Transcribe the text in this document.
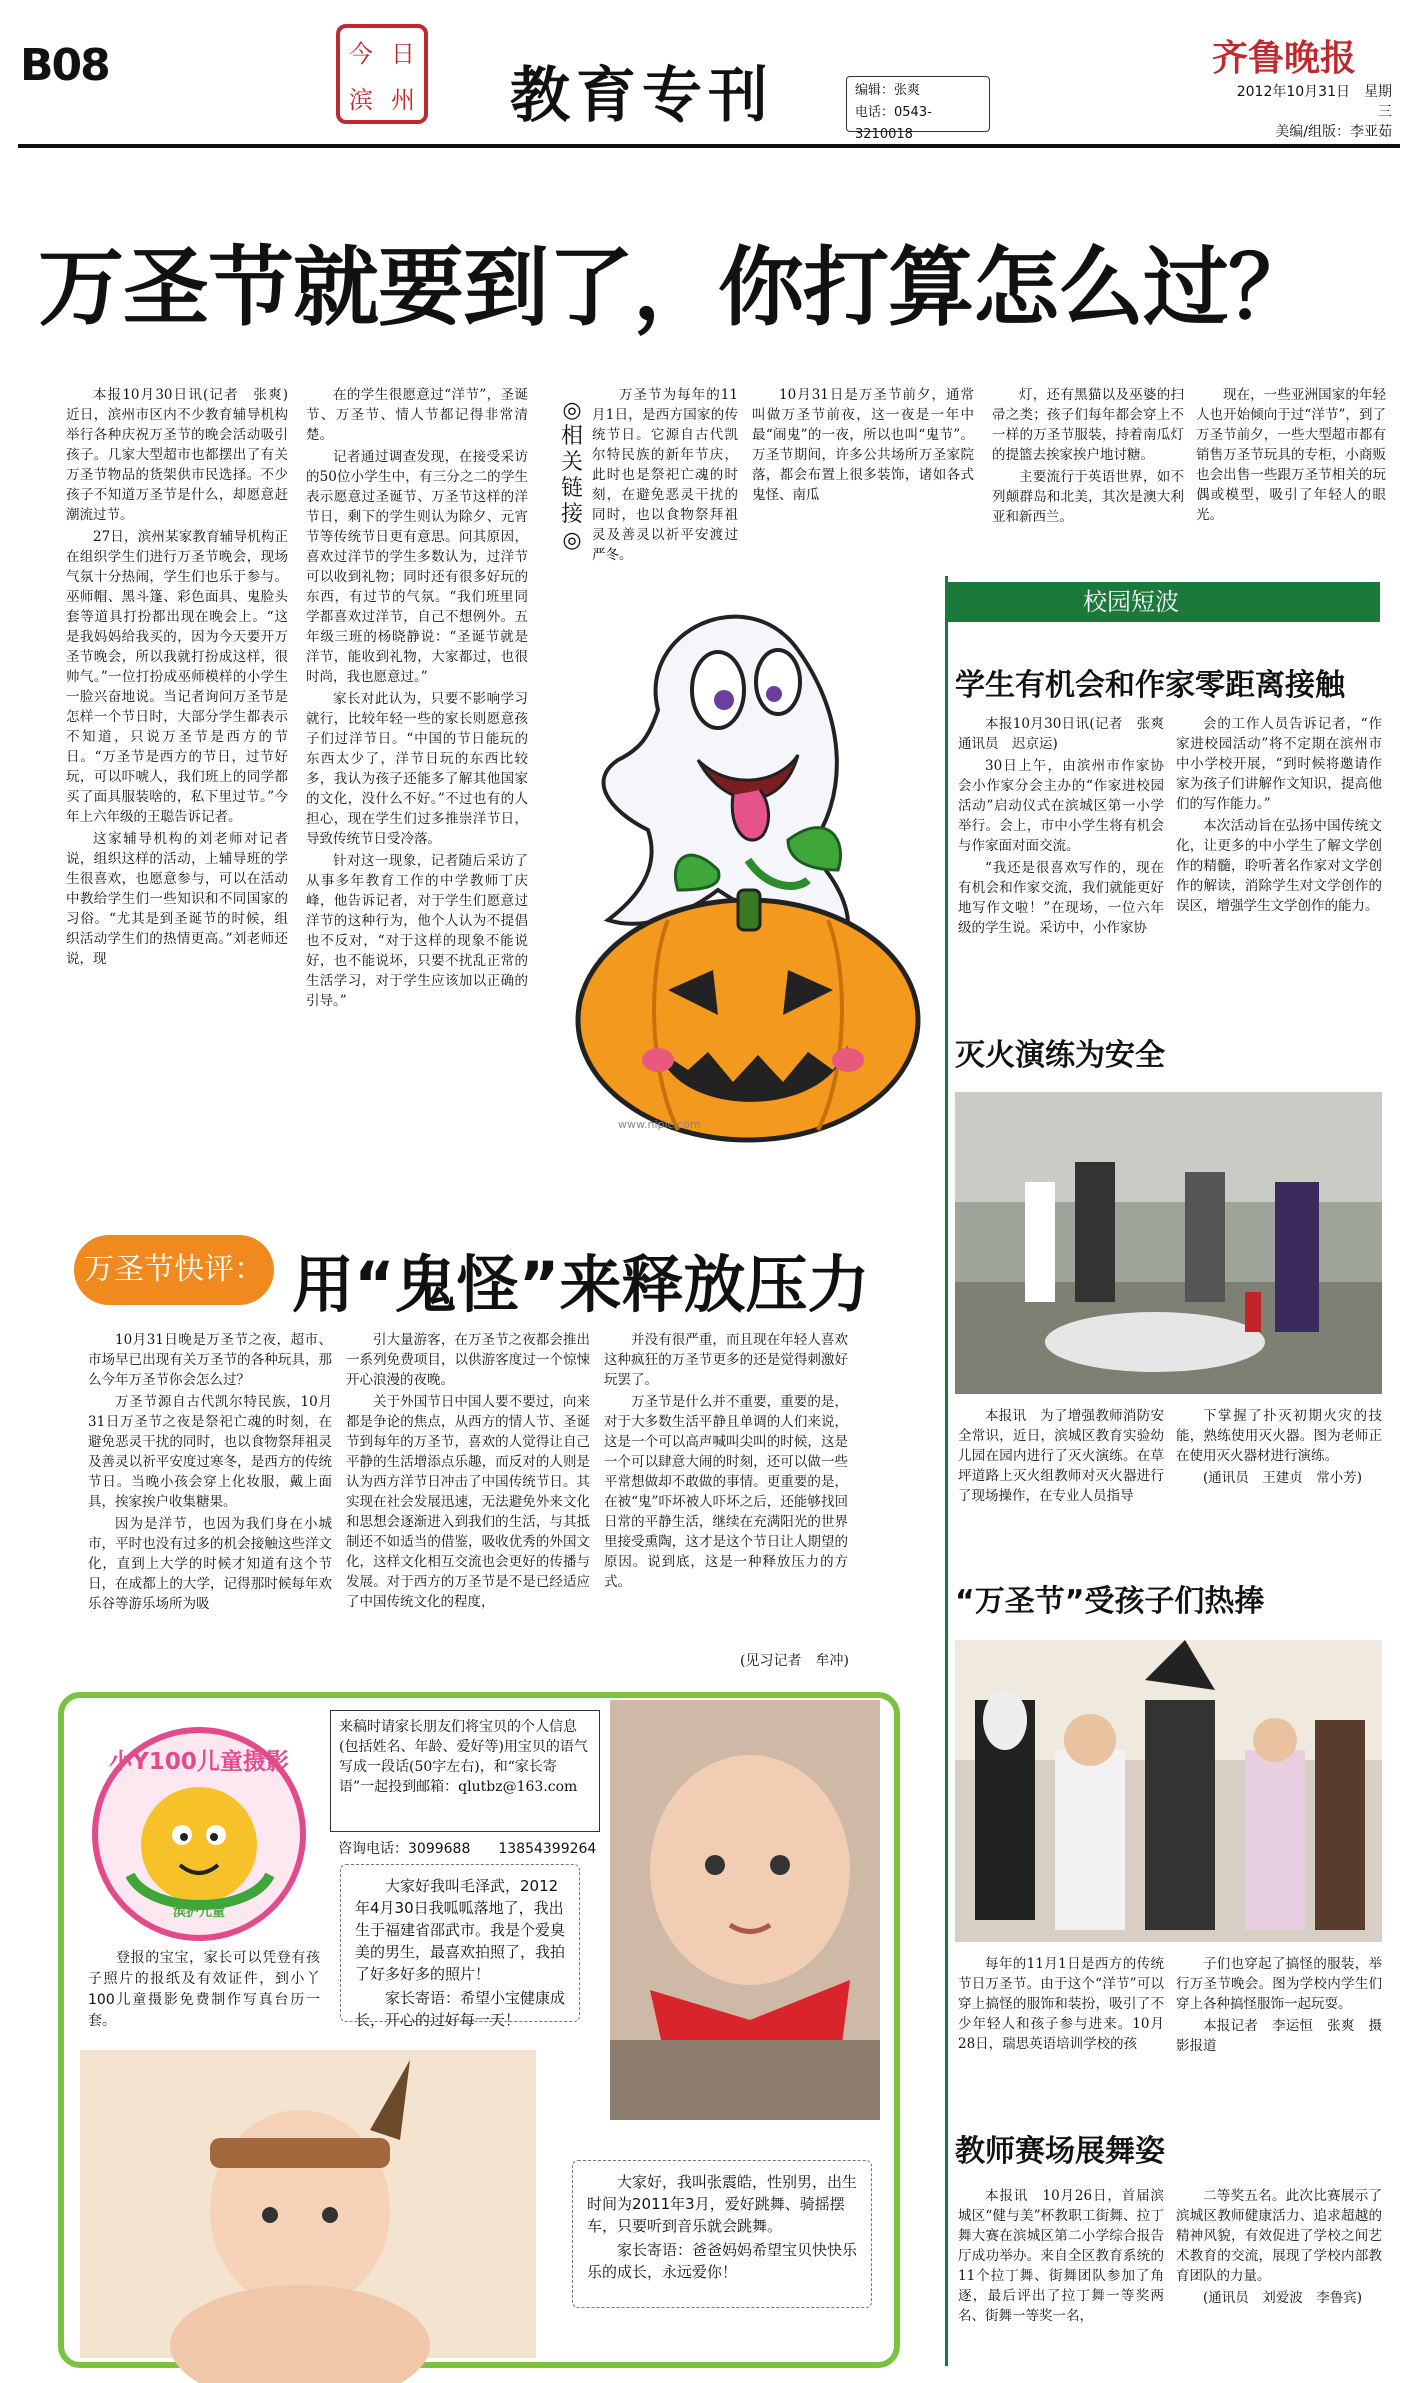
B08	今 日
滨 州 教育专刊	编辑：张爽
电话：0543-3210018
齐鲁晚报
2012年10月31日　星期三
美编/组版：李亚茹
万圣节就要到了，你打算怎么过？

本报10月30日讯(记者　张爽)　近日，滨州市区内不少教育辅导机构举行各种庆祝万圣节的晚会活动吸引孩子。几家大型超市也都摆出了有关万圣节物品的货架供市民选择。不少孩子不知道万圣节是什么，却愿意赶潮流过节。

27日，滨州某家教育辅导机构正在组织学生们进行万圣节晚会，现场气氛十分热闹，学生们也乐于参与。巫师帽、黑斗篷、彩色面具、鬼脸头套等道具打扮都出现在晚会上。“这是我妈妈给我买的，因为今天要开万圣节晚会，所以我就打扮成这样，很帅气。”一位打扮成巫师模样的小学生一脸兴奋地说。当记者询问万圣节是怎样一个节日时，大部分学生都表示不知道，只说万圣节是西方的节日。“万圣节是西方的节日，过节好玩，可以吓唬人，我们班上的同学都买了面具服装啥的，私下里过节。”今年上六年级的王聪告诉记者。

这家辅导机构的刘老师对记者说，组织这样的活动，上辅导班的学生很喜欢，也愿意参与，可以在活动中教给学生们一些知识和不同国家的习俗。“尤其是到圣诞节的时候，组织活动学生们的热情更高。”刘老师还说，现

在的学生很愿意过“洋节”，圣诞节、万圣节、情人节都记得非常清楚。

记者通过调查发现，在接受采访的50位小学生中，有三分之二的学生表示愿意过圣诞节、万圣节这样的洋节日，剩下的学生则认为除夕、元宵节等传统节日更有意思。问其原因，喜欢过洋节的学生多数认为，过洋节可以收到礼物；同时还有很多好玩的东西，有过节的气氛。“我们班里同学都喜欢过洋节，自己不想例外。五年级三班的杨晓静说：“圣诞节就是洋节，能收到礼物，大家都过，也很时尚，我也愿意过。”

家长对此认为，只要不影响学习就行，比较年轻一些的家长则愿意孩子们过洋节日。“中国的节日能玩的东西太少了，洋节日玩的东西比较多，我认为孩子还能多了解其他国家的文化，没什么不好。”不过也有的人担心，现在学生们过多推崇洋节日，导致传统节日受冷落。

针对这一现象，记者随后采访了从事多年教育工作的中学教师丁庆峰，他告诉记者，对于学生们愿意过洋节的这种行为，他个人认为不提倡也不反对，“对于这样的现象不能说好，也不能说坏，只要不扰乱正常的生活学习，对于学生应该加以正确的引导。”

◎相关链接◎

万圣节为每年的11月1日，是西方国家的传统节日。它源自古代凯尔特民族的新年节庆，此时也是祭祀亡魂的时刻，在避免恶灵干扰的同时，也以食物祭拜祖灵及善灵以祈平安渡过严冬。

10月31日是万圣节前夕，通常叫做万圣节前夜，这一夜是一年中最“闹鬼”的一夜，所以也叫“鬼节”。万圣节期间，许多公共场所万圣家院落，都会布置上很多装饰，诸如各式鬼怪、南瓜

灯，还有黑猫以及巫婆的扫帚之类；孩子们每年都会穿上不一样的万圣节服装，持着南瓜灯的提篮去挨家挨户地讨糖。

主要流行于英语世界，如不列颠群岛和北美，其次是澳大利亚和新西兰。

现在，一些亚洲国家的年轻人也开始倾向于过“洋节”，到了万圣节前夕，一些大型超市都有销售万圣节玩具的专柜，小商贩也会出售一些跟万圣节相关的玩偶或模型，吸引了年轻人的眼光。

www.nipic.com
万圣节快评： 用“鬼怪”来释放压力

10月31日晚是万圣节之夜，超市、市场早已出现有关万圣节的各种玩具，那么今年万圣节你会怎么过？

万圣节源自古代凯尔特民族，10月31日万圣节之夜是祭祀亡魂的时刻，在避免恶灵干扰的同时，也以食物祭拜祖灵及善灵以祈平安度过寒冬，是西方的传统节日。当晚小孩会穿上化妆服，戴上面具，挨家挨户收集糖果。

因为是洋节，也因为我们身在小城市，平时也没有过多的机会接触这些洋文化，直到上大学的时候才知道有这个节日，在成都上的大学，记得那时候每年欢乐谷等游乐场所为吸

引大量游客，在万圣节之夜都会推出一系列免费项目，以供游客度过一个惊悚开心浪漫的夜晚。

关于外国节日中国人要不要过，向来都是争论的焦点，从西方的情人节、圣诞节到每年的万圣节，喜欢的人觉得让自己平静的生活增添点乐趣，而反对的人则是认为西方洋节日冲击了中国传统节日。其实现在社会发展迅速，无法避免外来文化和思想会逐渐进入到我们的生活，与其抵制还不如适当的借鉴，吸收优秀的外国文化，这样文化相互交流也会更好的传播与发展。对于西方的万圣节是不是已经适应了中国传统文化的程度，

并没有很严重，而且现在年轻人喜欢这种疯狂的万圣节更多的还是觉得刺激好玩罢了。

万圣节是什么并不重要，重要的是，对于大多数生活平静且单调的人们来说，这是一个可以高声喊叫尖叫的时候，这是一个可以肆意大闹的时刻，还可以做一些平常想做却不敢做的事情。更重要的是，在被“鬼”吓坏被人吓坏之后，还能够找回日常的平静生活，继续在充满阳光的世界里接受熏陶，这才是这个节日让人期望的原因。说到底，这是一种释放压力的方式。

(见习记者　牟冲)
小Y100儿童摄影
滨护儿童
来稿时请家长朋友们将宝贝的个人信息(包括姓名、年龄、爱好等)用宝贝的语气写成一段话(50字左右)，和“家长寄语”一起投到邮箱：qlutbz@163.com
咨询电话：3099688　　13854399264

登报的宝宝，家长可以凭登有孩子照片的报纸及有效证件，到小丫100儿童摄影免费制作写真台历一套。

大家好我叫毛泽武，2012年4月30日我呱呱落地了，我出生于福建省邵武市。我是个爱臭美的男生，最喜欢拍照了，我拍了好多好多的照片！

家长寄语：希望小宝健康成长，开心的过好每一天！

大家好，我叫张震皓，性别男，出生时间为2011年3月，爱好跳舞、骑摇摆车，只要听到音乐就会跳舞。

家长寄语：爸爸妈妈希望宝贝快快乐乐的成长，永远爱你！

校园短波
学生有机会和作家零距离接触

本报10月30日讯(记者　张爽　通讯员　迟京运)

30日上午，由滨州市作家协会小作家分会主办的“作家进校园活动”启动仪式在滨城区第一小学举行。会上，市中小学生将有机会与作家面对面交流。

“我还是很喜欢写作的，现在有机会和作家交流，我们就能更好地写作文啦！”在现场，一位六年级的学生说。采访中，小作家协

会的工作人员告诉记者，“作家进校园活动”将不定期在滨州市中小学校开展，“到时候将邀请作家为孩子们讲解作文知识，提高他们的写作能力。”

本次活动旨在弘扬中国传统文化，让更多的中小学生了解文学创作的精髓，聆听著名作家对文学创作的解读，消除学生对文学创作的误区，增强学生文学创作的能力。

灭火演练为安全

本报讯　为了增强教师消防安全常识，近日，滨城区教育实验幼儿园在园内进行了灭火演练。在草坪道路上灭火组教师对灭火器进行了现场操作，在专业人员指导

下掌握了扑灭初期火灾的技能，熟练使用灭火器。图为老师正在使用灭火器材进行演练。

(通讯员　王建贞　常小芳)

“万圣节”受孩子们热捧

每年的11月1日是西方的传统节日万圣节。由于这个“洋节”可以穿上搞怪的服饰和装扮，吸引了不少年轻人和孩子参与进来。10月28日，瑞思英语培训学校的孩

子们也穿起了搞怪的服装，举行万圣节晚会。图为学校内学生们穿上各种搞怪服饰一起玩耍。

本报记者　李运恒　张爽　摄影报道

教师赛场展舞姿

本报讯　10月26日，首届滨城区“健与美”杯教职工街舞、拉丁舞大赛在滨城区第二小学综合报告厅成功举办。来自全区教育系统的11个拉丁舞、街舞团队参加了角逐，最后评出了拉丁舞一等奖两名、街舞一等奖一名，

二等奖五名。此次比赛展示了滨城区教师健康活力、追求超越的精神风貌，有效促进了学校之间艺术教育的交流，展现了学校内部教育团队的力量。

(通讯员　刘爱波　李鲁宾)
